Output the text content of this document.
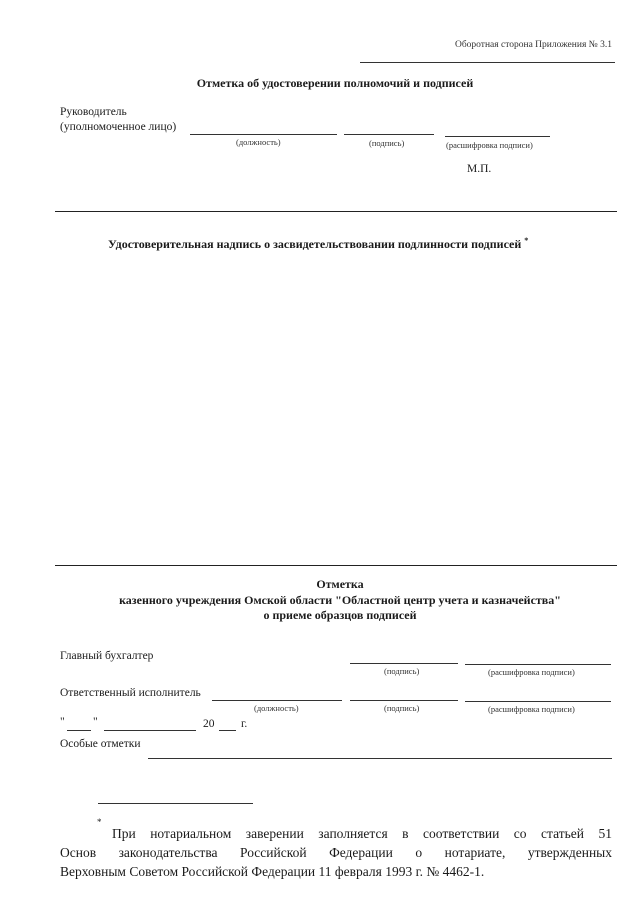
Оборотная сторона Приложения № 3.1
Отметка об удостоверении полномочий и подписей
Руководитель
(уполномоченное лицо)
(должность)	(подпись)	(расшифровка подписи)
М.П.
Удостоверительная надпись о засвидетельствовании подлинности подписей *
Отметка
казенного учреждения Омской области "Областной центр учета и казначейства"
о приеме образцов подписей
Главный бухгалтер
(подпись)	(расшифровка подписи)
Ответственный исполнитель
(должность)	(подпись)	(расшифровка подписи)
" "	20 г.
Особые отметки
*
При нотариальном заверении заполняется в соответствии со статьей 51
Основ законодательства Российской Федерации о нотариате, утвержденных
Верховным Советом Российской Федерации 11 февраля 1993 г. № 4462-1.
